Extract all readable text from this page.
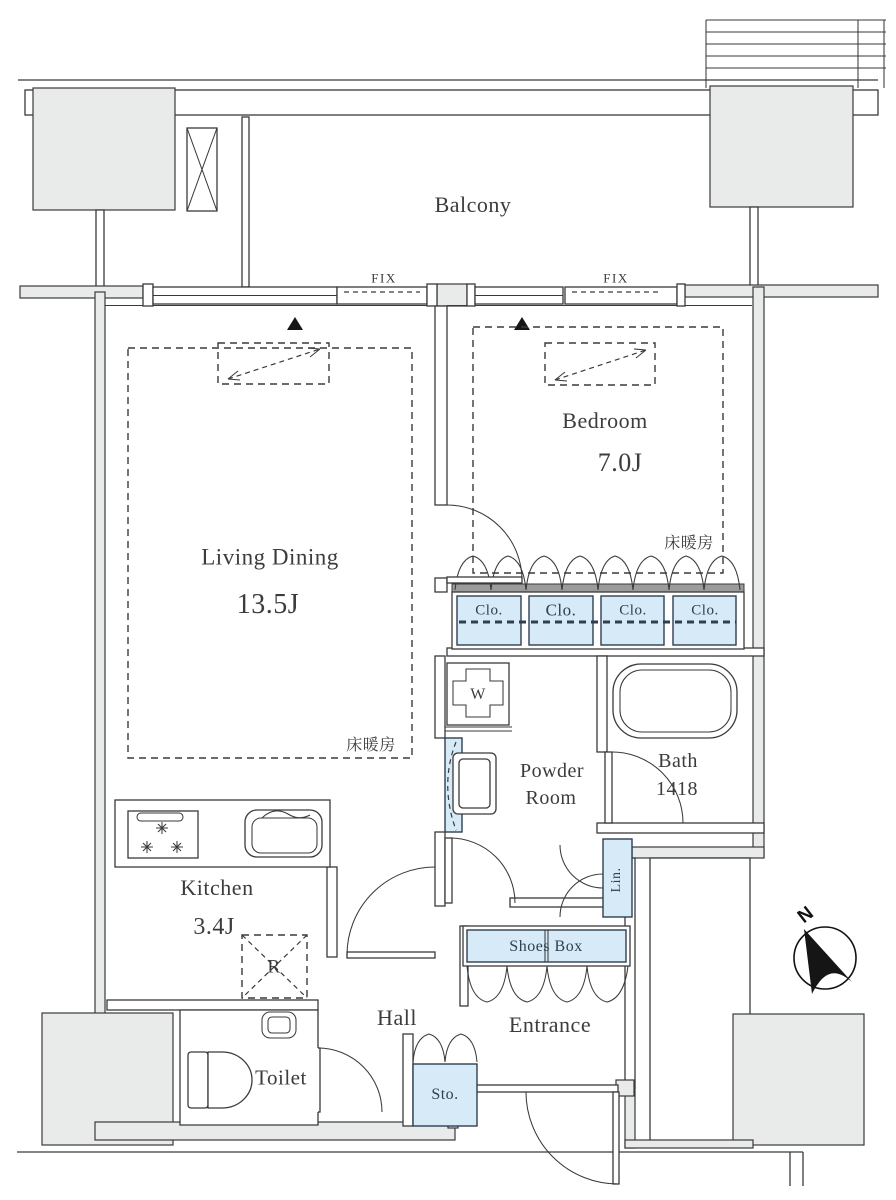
Balcony
FIX	FIX
Bedroom
7.0J
Living Dining
13.5J
床暖房
床暖房
Clo.	Clo.	Clo.	Clo.
W
Powder
Room
Bath
1418
Lin.
Shoes Box
Hall	Entrance
Sto.
Toilet
Kitchen
3.4J
R
N
